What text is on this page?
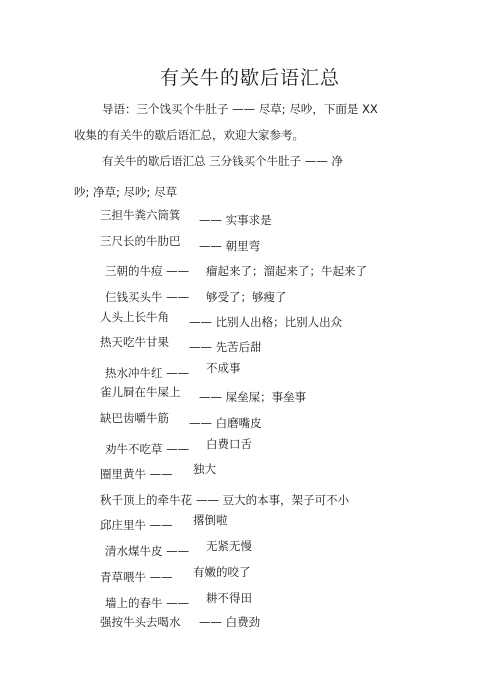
有关牛的歇后语汇总
导语：三个饯买个牛肚子 —— 尽草; 尽吵，下面是 XX
收集的有关牛的歇后语汇总，欢迎大家参考。
有关牛的歇后语汇总 三分钱买个牛肚子 —— 净
吵; 净草; 尽吵; 尽草
三担牛粪六筒箕 —— 实事求是
三尺长的牛肋巴 —— 朝里弯
三朝的牛痘 —— 瘤起来了；溜起来了；牛起来了
仨钱买头牛 —— 够受了；够瘦了
人头上长牛角 —— 比别人出格；比别人出众
热天吃牛甘果 —— 先苦后甜
热水冲牛红 —— 不成事
雀儿屙在牛屎上 —— 屎垒屎；事垒事
缺巴齿嚼牛筋 —— 白磨嘴皮
劝牛不吃草 —— 白费口舌
圈里黄牛 —— 独大
秋千顶上的牵牛花 —— 豆大的本事，架子可不小
邱庄里牛 —— 撂倒啦
清水煤牛皮 —— 无紧无慢
青草喂牛 —— 有嫩的咬了
墙上的春牛 —— 耕不得田
强按牛头去喝水 —— 白费劲
